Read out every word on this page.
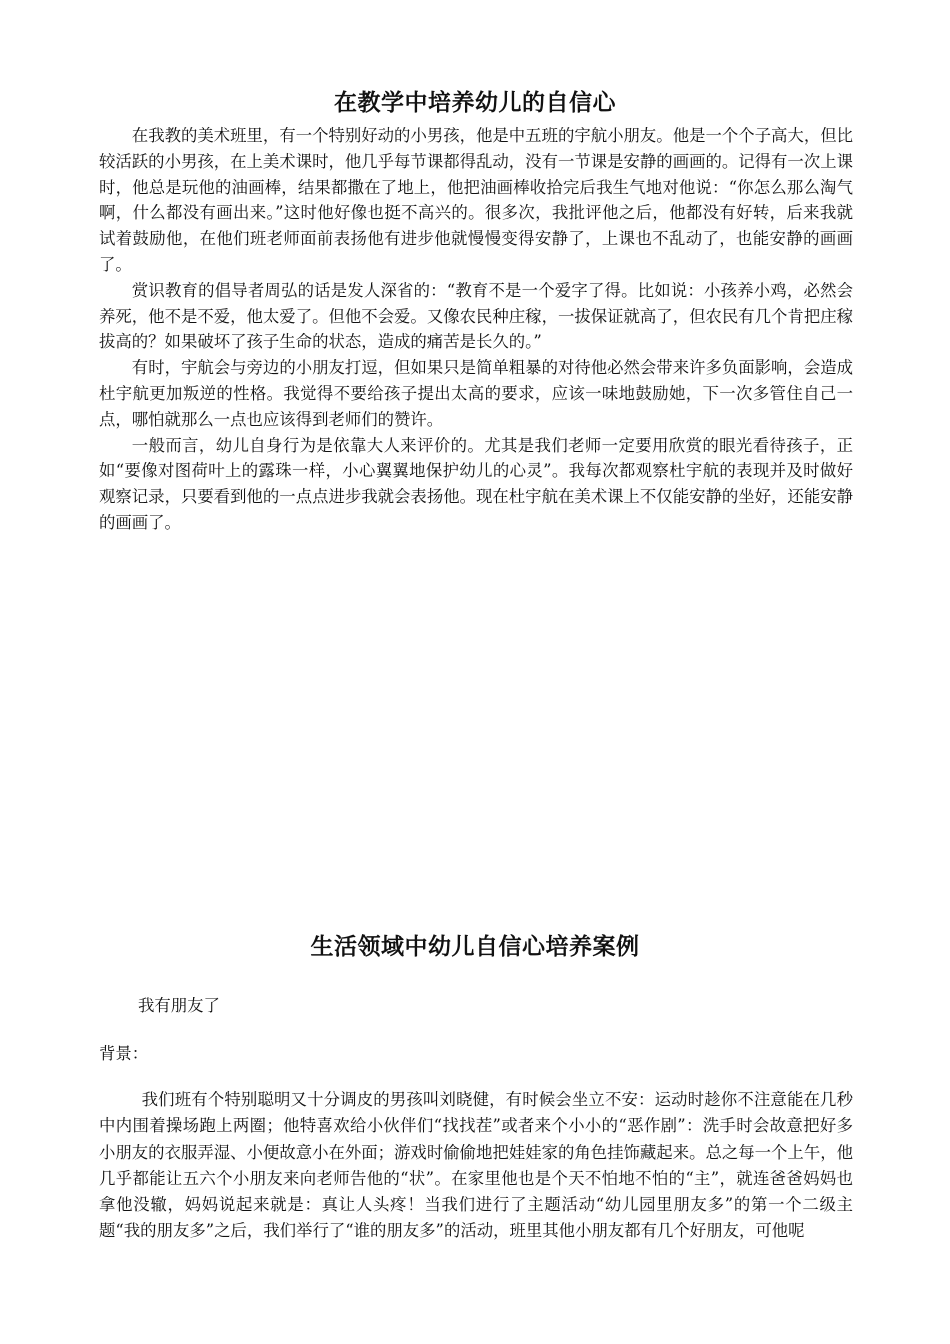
在教学中培养幼儿的自信心

在我教的美术班里，有一个特别好动的小男孩，他是中五班的宇航小朋友。他是一个个子高大，但比较活跃的小男孩，在上美术课时，他几乎每节课都得乱动，没有一节课是安静的画画的。记得有一次上课时，他总是玩他的油画棒，结果都撒在了地上，他把油画棒收拾完后我生气地对他说：“你怎么那么淘气啊，什么都没有画出来。”这时他好像也挺不高兴的。很多次，我批评他之后，他都没有好转，后来我就试着鼓励他，在他们班老师面前表扬他有进步他就慢慢变得安静了，上课也不乱动了，也能安静的画画了。

赏识教育的倡导者周弘的话是发人深省的：“教育不是一个爱字了得。比如说：小孩养小鸡，必然会养死，他不是不爱，他太爱了。但他不会爱。又像农民种庄稼，一拔保证就高了，但农民有几个肯把庄稼拔高的？如果破坏了孩子生命的状态，造成的痛苦是长久的。”

有时，宇航会与旁边的小朋友打逗，但如果只是简单粗暴的对待他必然会带来许多负面影响，会造成杜宇航更加叛逆的性格。我觉得不要给孩子提出太高的要求，应该一味地鼓励她，下一次多管住自己一点，哪怕就那么一点也应该得到老师们的赞许。

一般而言，幼儿自身行为是依靠大人来评价的。尤其是我们老师一定要用欣赏的眼光看待孩子，正如“要像对图荷叶上的露珠一样，小心翼翼地保护幼儿的心灵”。我每次都观察杜宇航的表现并及时做好观察记录，只要看到他的一点点进步我就会表扬他。现在杜宇航在美术课上不仅能安静的坐好，还能安静的画画了。

生活领域中幼儿自信心培养案例

我有朋友了

背景：

我们班有个特别聪明又十分调皮的男孩叫刘晓健，有时候会坐立不安：运动时趁你不注意能在几秒中内围着操场跑上两圈；他特喜欢给小伙伴们“找找茬”或者来个小小的“恶作剧”：洗手时会故意把好多小朋友的衣服弄湿、小便故意小在外面；游戏时偷偷地把娃娃家的角色挂饰藏起来。总之每一个上午，他几乎都能让五六个小朋友来向老师告他的“状”。在家里他也是个天不怕地不怕的“主”，就连爸爸妈妈也拿他没辙，妈妈说起来就是：真让人头疼！当我们进行了主题活动“幼儿园里朋友多”的第一个二级主题“我的朋友多”之后，我们举行了“谁的朋友多”的活动，班里其他小朋友都有几个好朋友，可他呢
